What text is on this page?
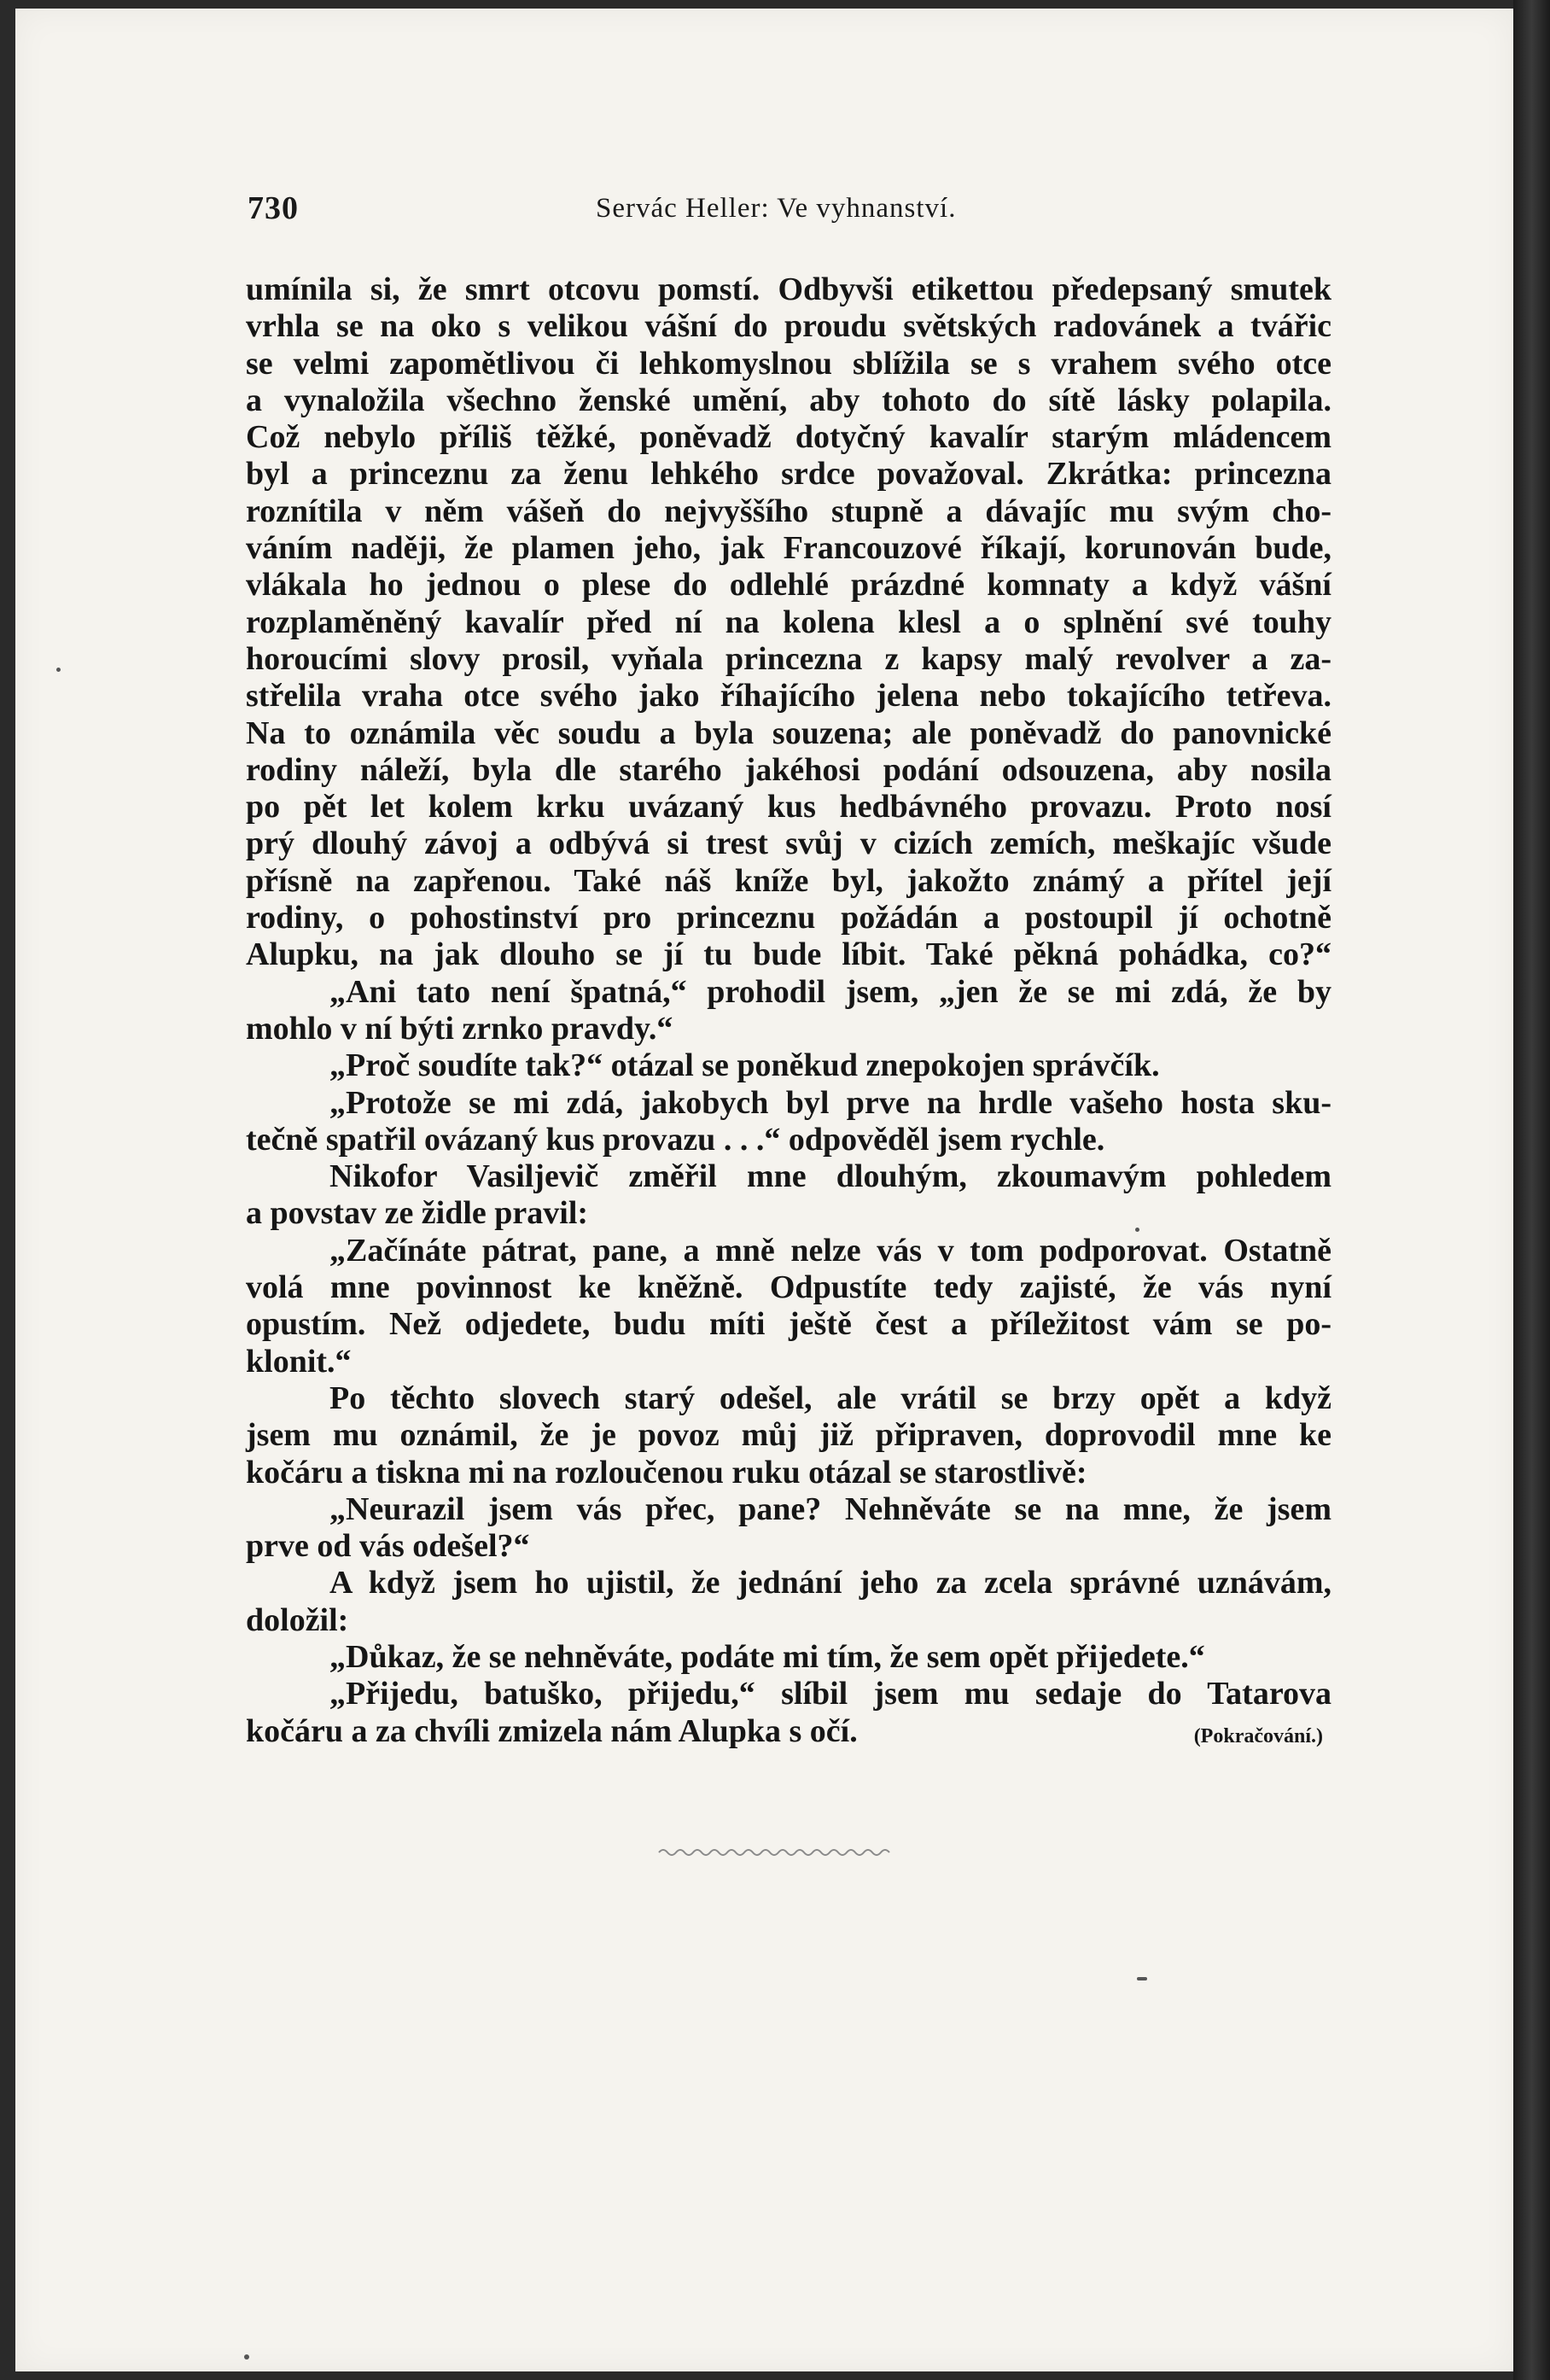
730	Servác Heller: Ve vyhnanství.
umínila si, že smrt otcovu pomstí. Odbyvši etikettou předepsaný smutek
vrhla se na oko s velikou vášní do proudu světských radovánek a tvářic
se velmi zapomětlivou či lehkomyslnou sblížila se s vrahem svého otce
a vynaložila všechno ženské umění, aby tohoto do sítě lásky polapila.
Což nebylo příliš těžké, poněvadž dotyčný kavalír starým mládencem
byl a princeznu za ženu lehkého srdce považoval. Zkrátka: princezna
roznítila v něm vášeň do nejvyššího stupně a dávajíc mu svým cho-
váním naději, že plamen jeho, jak Francouzové říkají, korunován bude,
vlákala ho jednou o plese do odlehlé prázdné komnaty a když vášní
rozplaměněný kavalír před ní na kolena klesl a o splnění své touhy
horoucími slovy prosil, vyňala princezna z kapsy malý revolver a za-
střelila vraha otce svého jako říhajícího jelena nebo tokajícího tetřeva.
Na to oznámila věc soudu a byla souzena; ale poněvadž do panovnické
rodiny náleží, byla dle starého jakéhosi podání odsouzena, aby nosila
po pět let kolem krku uvázaný kus hedbávného provazu. Proto nosí
prý dlouhý závoj a odbývá si trest svůj v cizích zemích, meškajíc všude
přísně na zapřenou. Také náš kníže byl, jakožto známý a přítel její
rodiny, o pohostinství pro princeznu požádán a postoupil jí ochotně
Alupku, na jak dlouho se jí tu bude líbit. Také pěkná pohádka, co?“
„Ani tato není špatná,“ prohodil jsem, „jen že se mi zdá, že by
mohlo v ní býti zrnko pravdy.“
„Proč soudíte tak?“ otázal se poněkud znepokojen správčík.
„Protože se mi zdá, jakobych byl prve na hrdle vašeho hosta sku-
tečně spatřil ovázaný kus provazu . . .“ odpověděl jsem rychle.
Nikofor Vasiljevič změřil mne dlouhým, zkoumavým pohledem
a povstav ze židle pravil:
„Začínáte pátrat, pane, a mně nelze vás v tom podporovat. Ostatně
volá mne povinnost ke kněžně. Odpustíte tedy zajisté, že vás nyní
opustím. Než odjedete, budu míti ještě čest a příležitost vám se po-
klonit.“
Po těchto slovech starý odešel, ale vrátil se brzy opět a když
jsem mu oznámil, že je povoz můj již připraven, doprovodil mne ke
kočáru a tiskna mi na rozloučenou ruku otázal se starostlivě:
„Neurazil jsem vás přec, pane? Nehněváte se na mne, že jsem
prve od vás odešel?“
A když jsem ho ujistil, že jednání jeho za zcela správné uznávám,
doložil:
„Důkaz, že se nehněváte, podáte mi tím, že sem opět přijedete.“
„Přijedu, batuško, přijedu,“ slíbil jsem mu sedaje do Tatarova
kočáru a za chvíli zmizela nám Alupka s očí.	(Pokračování.)
